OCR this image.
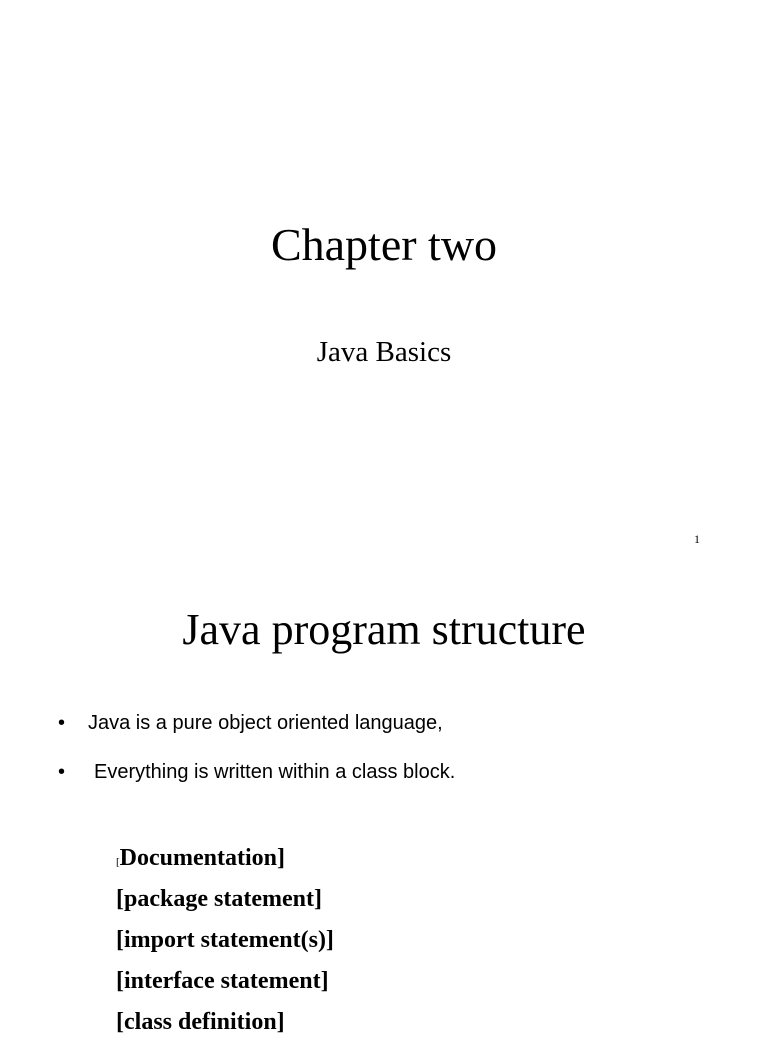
Chapter two
Java Basics
1
Java program structure
• Java is a pure object oriented language,
• Everything is written within a class block.
[Documentation]
[package statement]
[import statement(s)]
[interface statement]
[class definition]
